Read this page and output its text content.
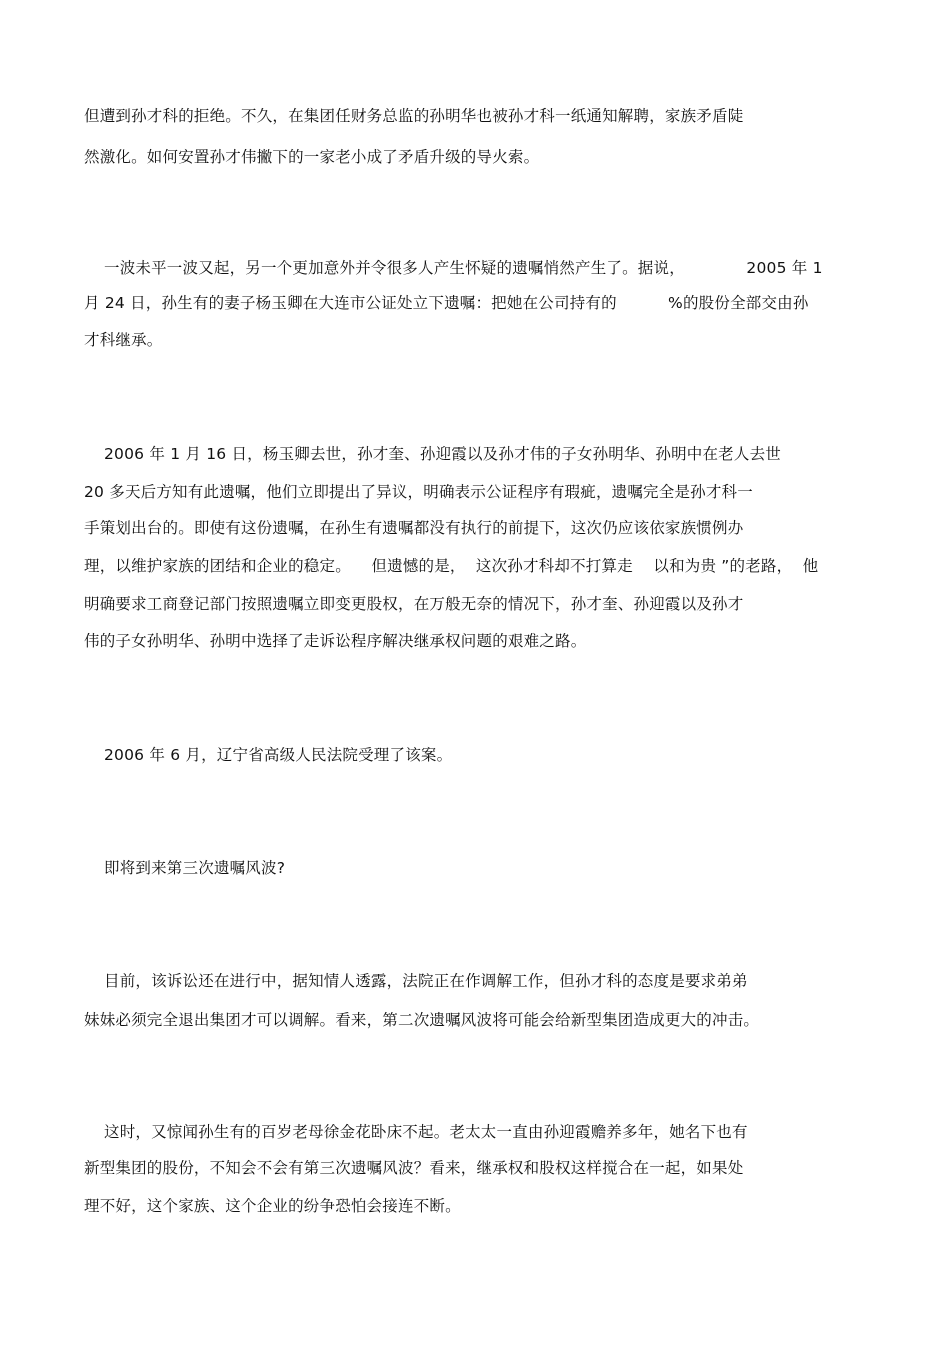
但遭到孙才科的拒绝。不久，在集团任财务总监的孙明华也被孙才科一纸通知解聘，家族矛盾陡

然激化。如何安置孙才伟撇下的一家老小成了矛盾升级的导火索。

一波未平一波又起，另一个更加意外并令很多人产生怀疑的遗嘱悄然产生了。据说，            2005 年 1

月 24 日，孙生有的妻子杨玉卿在大连市公证处立下遗嘱：把她在公司持有的          %的股份全部交由孙

才科继承。

2006 年 1 月 16 日，杨玉卿去世，孙才奎、孙迎霞以及孙才伟的子女孙明华、孙明中在老人去世

20 多天后方知有此遗嘱，他们立即提出了异议，明确表示公证程序有瑕疵，遗嘱完全是孙才科一

手策划出台的。即使有这份遗嘱，在孙生有遗嘱都没有执行的前提下，这次仍应该依家族惯例办

理，以维护家族的团结和企业的稳定。    但遗憾的是，  这次孙才科却不打算走    以和为贵 ”的老路，  他

明确要求工商登记部门按照遗嘱立即变更股权，在万般无奈的情况下，孙才奎、孙迎霞以及孙才

伟的子女孙明华、孙明中选择了走诉讼程序解决继承权问题的艰难之路。

2006 年 6 月，辽宁省高级人民法院受理了该案。

即将到来第三次遗嘱风波?

目前，该诉讼还在进行中，据知情人透露，法院正在作调解工作，但孙才科的态度是要求弟弟

妹妹必须完全退出集团才可以调解。看来，第二次遗嘱风波将可能会给新型集团造成更大的冲击。

这时，又惊闻孙生有的百岁老母徐金花卧床不起。老太太一直由孙迎霞赡养多年，她名下也有

新型集团的股份，不知会不会有第三次遗嘱风波？看来，继承权和股权这样搅合在一起，如果处

理不好，这个家族、这个企业的纷争恐怕会接连不断。
